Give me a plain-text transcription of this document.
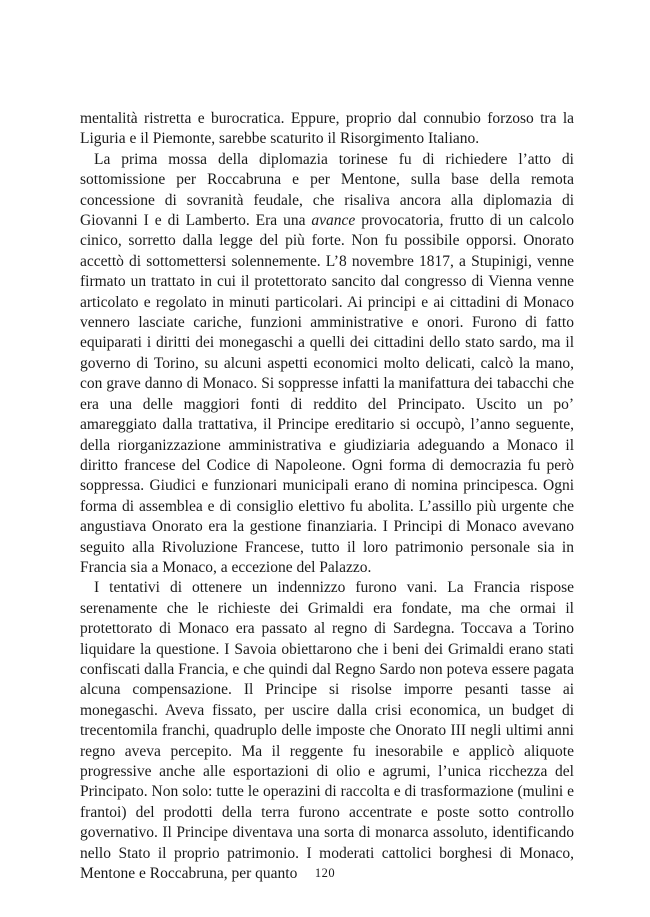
mentalità ristretta e burocratica. Eppure, proprio dal connubio forzoso tra la Liguria e il Piemonte, sarebbe scaturito il Risorgimento Italiano.

La prima mossa della diplomazia torinese fu di richiedere l’atto di sottomissione per Roccabruna e per Mentone, sulla base della remota concessione di sovranità feudale, che risaliva ancora alla diplomazia di Giovanni I e di Lamberto. Era una avance provocatoria, frutto di un calcolo cinico, sorretto dalla legge del più forte. Non fu possibile opporsi. Onorato accettò di sottomettersi solennemente. L’8 novembre 1817, a Stupinigi, venne firmato un trattato in cui il protettorato sancito dal congresso di Vienna venne articolato e regolato in minuti particolari. Ai principi e ai cittadini di Monaco vennero lasciate cariche, funzioni amministrative e onori. Furono di fatto equiparati i diritti dei monegaschi a quelli dei cittadini dello stato sardo, ma il governo di Torino, su alcuni aspetti economici molto delicati, calcò la mano, con grave danno di Monaco. Si soppresse infatti la manifattura dei tabacchi che era una delle maggiori fonti di reddito del Principato. Uscito un po’ amareggiato dalla trattativa, il Principe ereditario si occupò, l’anno seguente, della riorganizzazione amministrativa e giudiziaria adeguando a Monaco il diritto francese del Codice di Napoleone. Ogni forma di democrazia fu però soppressa. Giudici e funzionari municipali erano di nomina principesca. Ogni forma di assemblea e di consiglio elettivo fu abolita. L’assillo più urgente che angustiava Onorato era la gestione finanziaria. I Principi di Monaco avevano seguito alla Rivoluzione Francese, tutto il loro patrimonio personale sia in Francia sia a Monaco, a eccezione del Palazzo.

I tentativi di ottenere un indennizzo furono vani. La Francia rispose serenamente che le richieste dei Grimaldi era fondate, ma che ormai il protettorato di Monaco era passato al regno di Sardegna. Toccava a Torino liquidare la questione. I Savoia obiettarono che i beni dei Grimaldi erano stati confiscati dalla Francia, e che quindi dal Regno Sardo non poteva essere pagata alcuna compensazione. Il Principe si risolse imporre pesanti tasse ai monegaschi. Aveva fissato, per uscire dalla crisi economica, un budget di trecentomila franchi, quadruplo delle imposte che Onorato III negli ultimi anni regno aveva percepito. Ma il reggente fu inesorabile e applicò aliquote progressive anche alle esportazioni di olio e agrumi, l’unica ricchezza del Principato. Non solo: tutte le operazini di raccolta e di trasformazione (mulini e frantoi) del prodotti della terra furono accentrate e poste sotto controllo governativo. Il Principe diventava una sorta di monarca assoluto, identificando nello Stato il proprio patrimonio. I moderati cattolici borghesi di Monaco, Mentone e Roccabruna, per quanto	120
